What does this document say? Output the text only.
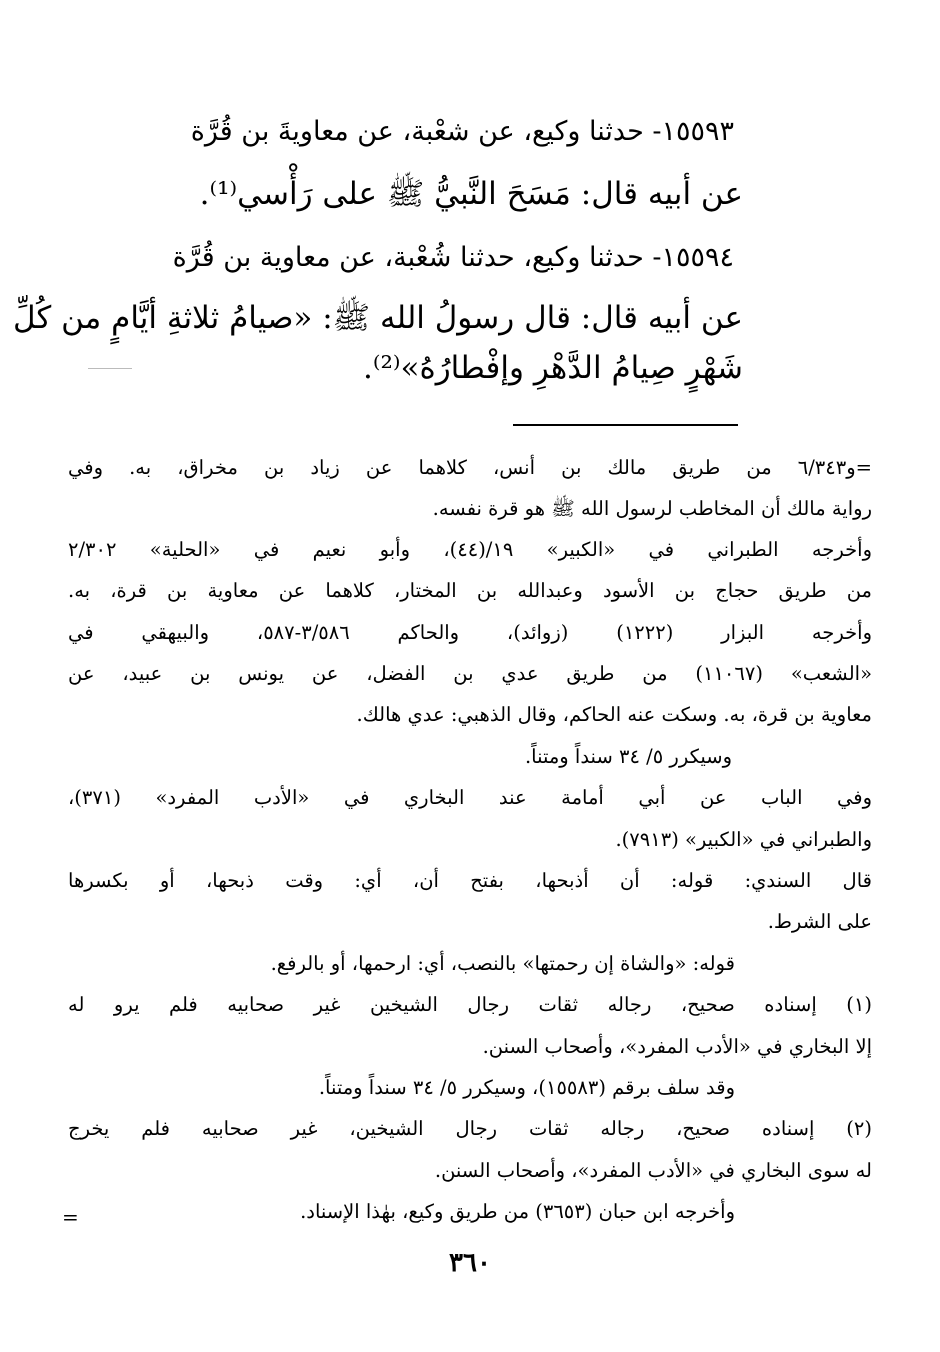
١٥٥٩٣- حدثنا وكيع، عن شعْبة، عن معاويةَ بن قُرَّة
عن أبيه قال: مَسَحَ النَّبيُّ ﷺ على رَأْسي⁽¹⁾.
١٥٥٩٤- حدثنا وكيع، حدثنا شُعْبة، عن معاوية بن قُرَّة
عن أبيه قال: قال رسولُ الله ﷺ: «صيامُ ثلاثةِ أيَّامٍ من كُلِّ
شَهْرٍ صِيامُ الدَّهْرِ وإفْطارُهُ»⁽²⁾.
=و٦/٣٤٣ من طريق مالك بن أنس، كلاهما عن زياد بن مخراق، به. وفي
رواية مالك أن المخاطب لرسول الله ﷺ هو قرة نفسه.
وأخرجه الطبراني في «الكبير» ١٩/(٤٤)، وأبو نعيم في «الحلية» ٢/٣٠٢
من طريق حجاج بن الأسود وعبدالله بن المختار، كلاهما عن معاوية بن قرة، به.
وأخرجه البزار (١٢٢٢) (زوائد)، والحاكم ٣/٥٨٦-٥٨٧، والبيهقي في
«الشعب» (١١٠٦٧) من طريق عدي بن الفضل، عن يونس بن عبيد، عن
معاوية بن قرة، به. وسكت عنه الحاكم، وقال الذهبي: عدي هالك.
وسيكرر ٥/ ٣٤ سنداً ومتناً.
وفي الباب عن أبي أمامة عند البخاري في «الأدب المفرد» (٣٧١)،
والطبراني في «الكبير» (٧٩١٣).
قال السندي: قوله: أن أذبحها، بفتح أن، أي: وقت ذبحها، أو بكسرها
على الشرط.
قوله: «والشاة إن رحمتها» بالنصب، أي: ارحمها، أو بالرفع.
(١) إسناده صحيح، رجاله ثقات رجال الشيخين غير صحابيه فلم يرو له
إلا البخاري في «الأدب المفرد»، وأصحاب السنن.
وقد سلف برقم (١٥٥٨٣)، وسيكرر ٥/ ٣٤ سنداً ومتناً.
(٢) إسناده صحيح، رجاله ثقات رجال الشيخين، غير صحابيه فلم يخرج
له سوى البخاري في «الأدب المفرد»، وأصحاب السنن.
وأخرجه ابن حبان (٣٦٥٣) من طريق وكيع، بهٰذا الإسناد.
=
٣٦٠
